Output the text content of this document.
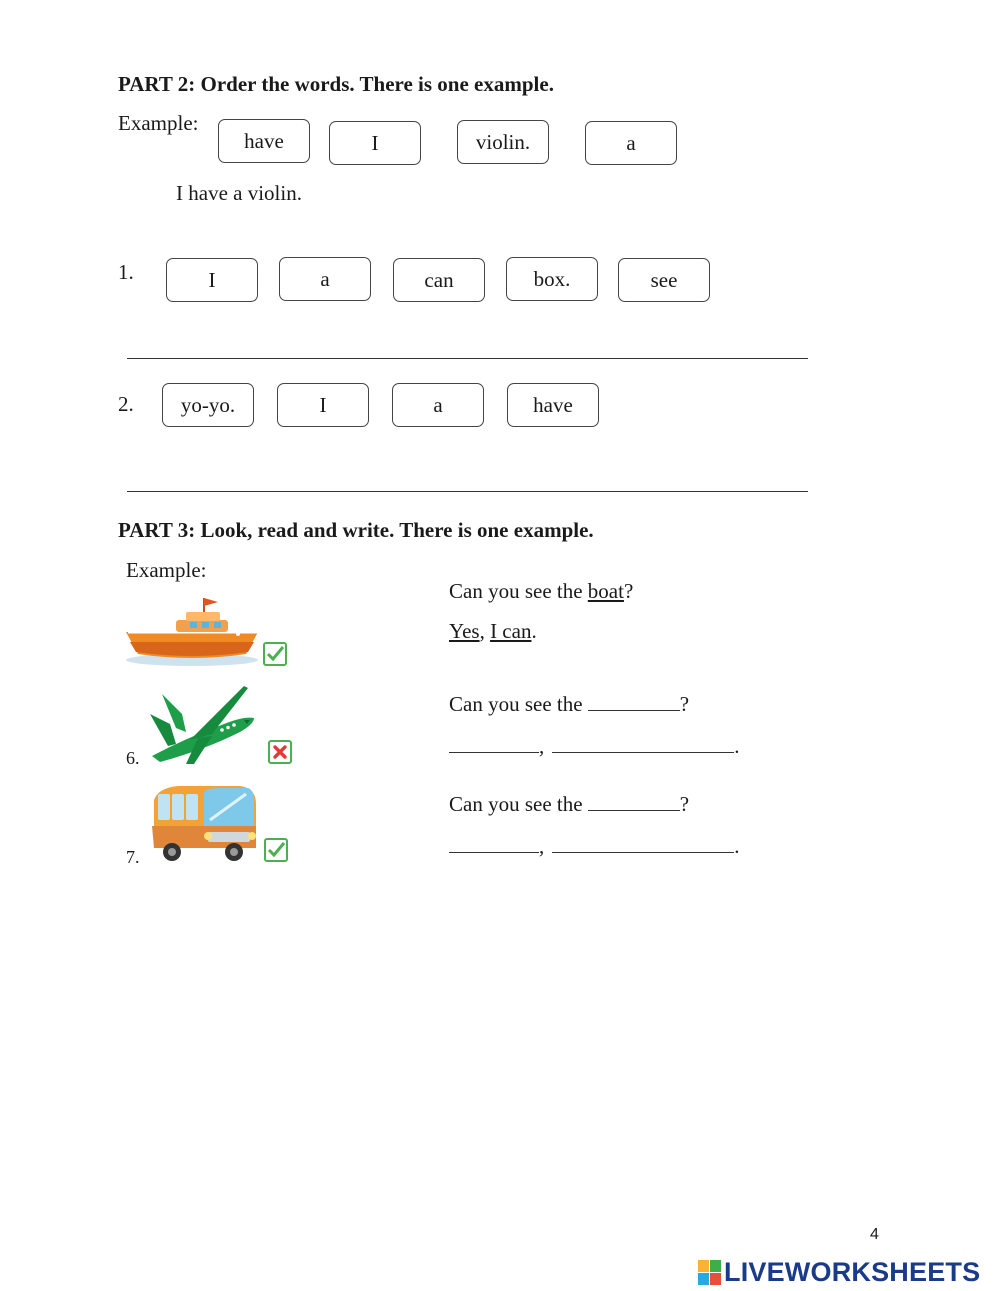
PART 2: Order the words. There is one example.
Example:
have	I	violin.	a
I have a violin.
1.	I	a	can	box.	see
2.	yo-yo.	I	a	have
PART 3: Look, read and write. There is one example.
Example:
Can you see the boat?
Yes, I can.
6.
Can you see the	?
,	.
7.
Can you see the	?
,	.
4
LIVEWORKSHEETS
